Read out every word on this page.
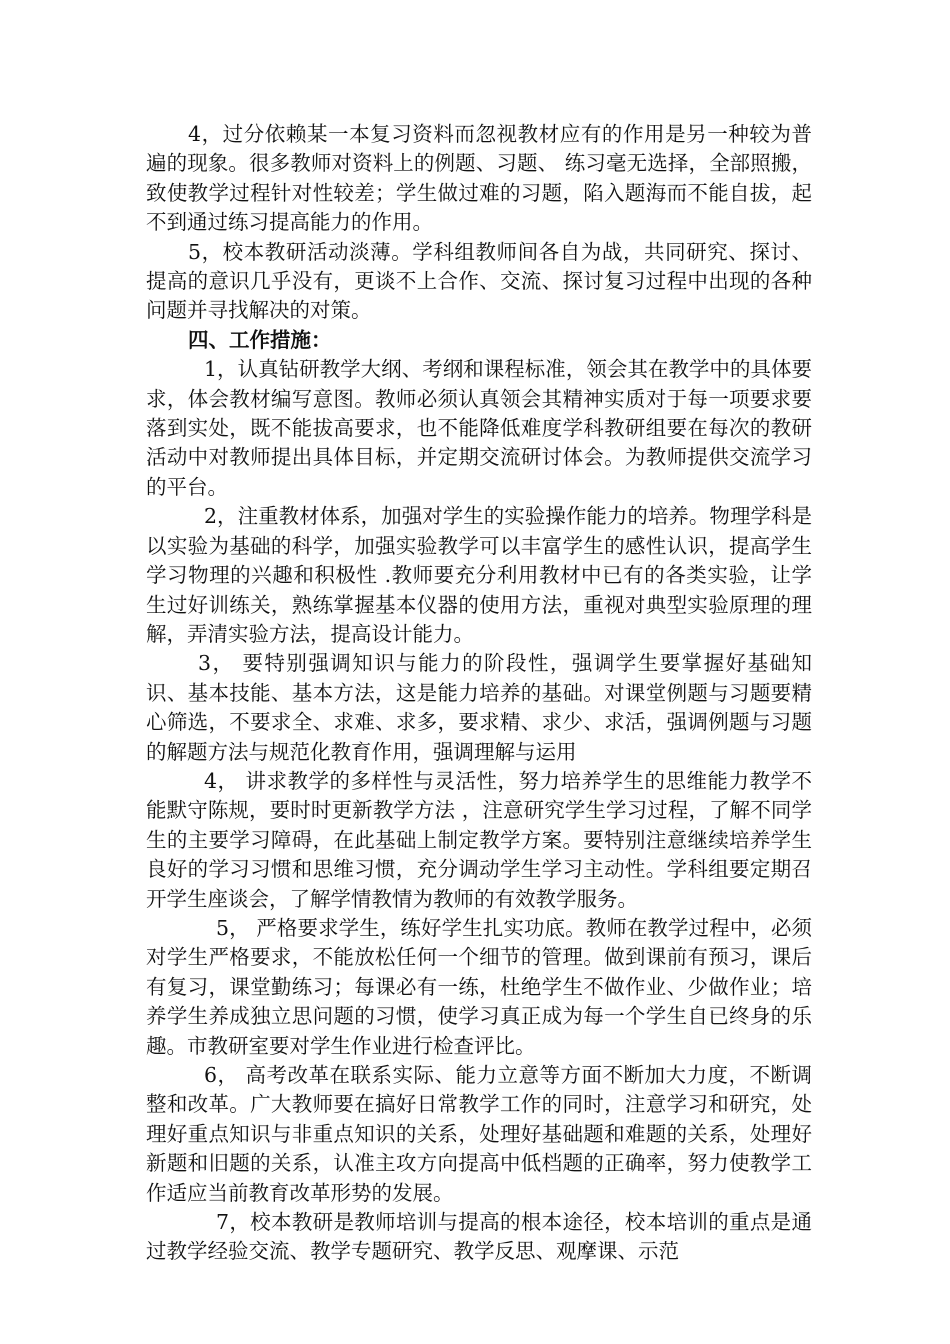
4，过分依赖某一本复习资料而忽视教材应有的作用是另一种较为普遍的现象。很多教师对资料上的例题、习题、 练习毫无选择，全部照搬，致使教学过程针对性较差；学生做过难的习题，陷入题海而不能自拔，起不到通过练习提高能力的作用。

5，校本教研活动淡薄。学科组教师间各自为战，共同研究、探讨、提高的意识几乎没有，更谈不上合作、交流、探讨复习过程中出现的各种问题并寻找解决的对策。

四、工作措施：

1，认真钻研教学大纲、考纲和课程标准，领会其在教学中的具体要求，体会教材编写意图。教师必须认真领会其精神实质对于每一项要求要落到实处，既不能拔高要求，也不能降低难度学科教研组要在每次的教研活动中对教师提出具体目标，并定期交流研讨体会。为教师提供交流学习的平台。

2，注重教材体系，加强对学生的实验操作能力的培养。物理学科是以实验为基础的科学，加强实验教学可以丰富学生的感性认识，提高学生学习物理的兴趣和积极性 .教师要充分利用教材中已有的各类实验，让学生过好训练关，熟练掌握基本仪器的使用方法，重视对典型实验原理的理解，弄清实验方法，提高设计能力。

3， 要特别强调知识与能力的阶段性，强调学生要掌握好基础知识、基本技能、基本方法，这是能力培养的基础。对课堂例题与习题要精心筛选，不要求全、求难、求多，要求精、求少、求活，强调例题与习题的解题方法与规范化教育作用，强调理解与运用

4， 讲求教学的多样性与灵活性，努力培养学生的思维能力教学不能默守陈规，要时时更新教学方法 ，注意研究学生学习过程，了解不同学生的主要学习障碍，在此基础上制定教学方案。要特别注意继续培养学生良好的学习习惯和思维习惯，充分调动学生学习主动性。学科组要定期召开学生座谈会，了解学情教情为教师的有效教学服务。

5， 严格要求学生，练好学生扎实功底。教师在教学过程中，必须对学生严格要求，不能放松任何一个细节的管理。做到课前有预习，课后有复习，课堂勤练习；每课必有一练，杜绝学生不做作业、少做作业；培养学生养成独立思问题的习惯，使学习真正成为每一个学生自已终身的乐趣。市教研室要对学生作业进行检查评比。

6， 高考改革在联系实际、能力立意等方面不断加大力度，不断调整和改革。广大教师要在搞好日常教学工作的同时，注意学习和研究，处理好重点知识与非重点知识的关系，处理好基础题和难题的关系，处理好新题和旧题的关系，认准主攻方向提高中低档题的正确率，努力使教学工作适应当前教育改革形势的发展。

7，校本教研是教师培训与提高的根本途径，校本培训的重点是通过教学经验交流、教学专题研究、教学反思、观摩课、示范
